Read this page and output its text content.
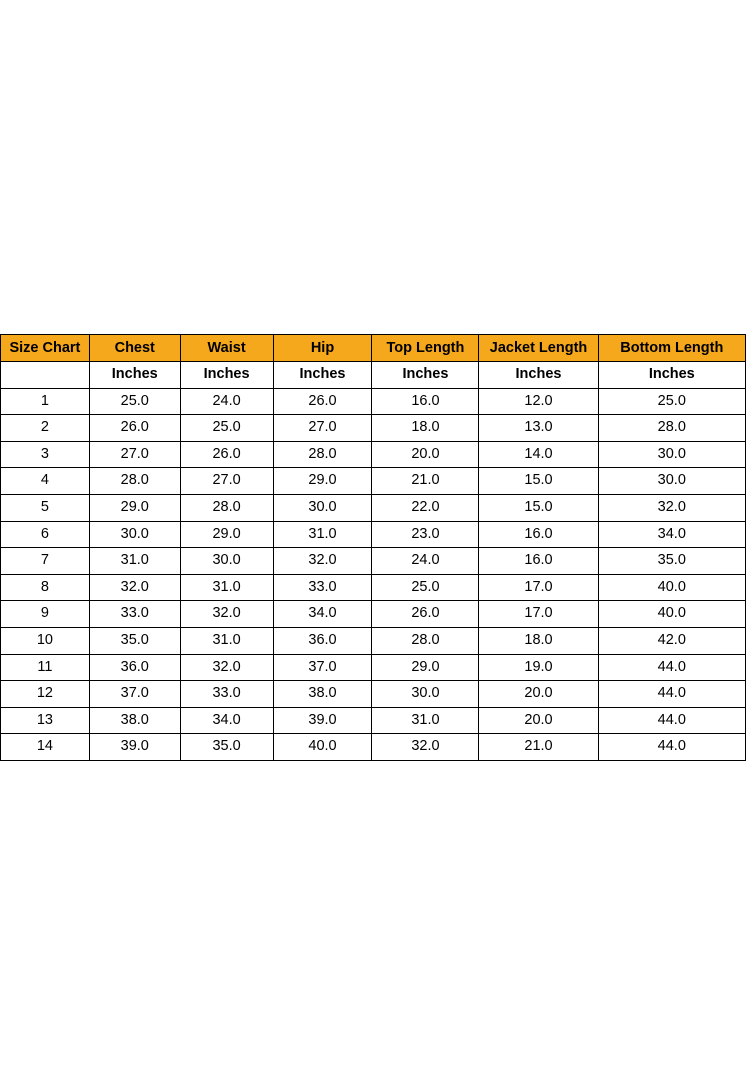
Size Chart	Chest	Waist	Hip	Top Length	Jacket Length	Bottom Length
	Inches	Inches	Inches	Inches	Inches	Inches
1	25.0	24.0	26.0	16.0	12.0	25.0
2	26.0	25.0	27.0	18.0	13.0	28.0
3	27.0	26.0	28.0	20.0	14.0	30.0
4	28.0	27.0	29.0	21.0	15.0	30.0
5	29.0	28.0	30.0	22.0	15.0	32.0
6	30.0	29.0	31.0	23.0	16.0	34.0
7	31.0	30.0	32.0	24.0	16.0	35.0
8	32.0	31.0	33.0	25.0	17.0	40.0
9	33.0	32.0	34.0	26.0	17.0	40.0
10	35.0	31.0	36.0	28.0	18.0	42.0
11	36.0	32.0	37.0	29.0	19.0	44.0
12	37.0	33.0	38.0	30.0	20.0	44.0
13	38.0	34.0	39.0	31.0	20.0	44.0
14	39.0	35.0	40.0	32.0	21.0	44.0
